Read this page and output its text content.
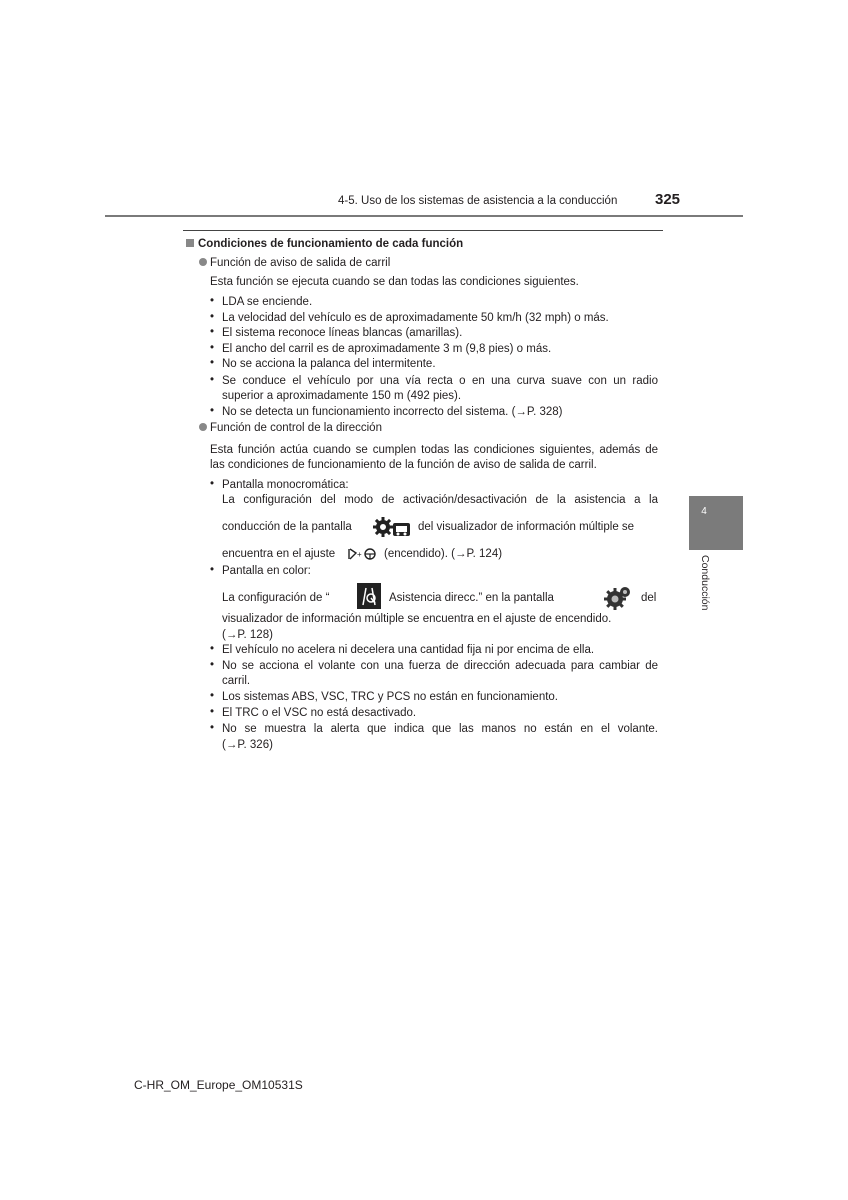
4-5. Uso de los sistemas de asistencia a la conducción	325
4
Conducción
Condiciones de funcionamiento de cada función
Función de aviso de salida de carril
Esta función se ejecuta cuando se dan todas las condiciones siguientes.
• LDA se enciende.
• La velocidad del vehículo es de aproximadamente 50 km/h (32 mph) o más.
• El sistema reconoce líneas blancas (amarillas).
• El ancho del carril es de aproximadamente 3 m (9,8 pies) o más.
• No se acciona la palanca del intermitente.
• Se conduce el vehículo por una vía recta o en una curva suave con un radio
superior a aproximadamente 150 m (492 pies).
• No se detecta un funcionamiento incorrecto del sistema. (→P. 328)
Función de control de la dirección
Esta función actúa cuando se cumplen todas las condiciones siguientes, además de
las condiciones de funcionamiento de la función de aviso de salida de carril.
• Pantalla monocromática:
La configuración del modo de activación/desactivación de la asistencia a la
conducción de la pantalla	del visualizador de información múltiple se
encuentra en el ajuste	+ (encendido). (→P. 124)
• Pantalla en color:
La configuración de “	Asistencia direcc.” en la pantalla	del
visualizador de información múltiple se encuentra en el ajuste de encendido.
(→P. 128)
• El vehículo no acelera ni decelera una cantidad fija ni por encima de ella.
• No se acciona el volante con una fuerza de dirección adecuada para cambiar de
carril.
• Los sistemas ABS, VSC, TRC y PCS no están en funcionamiento.
• El TRC o el VSC no está desactivado.
• No se muestra la alerta que indica que las manos no están en el volante.
(→P. 326)
C-HR_OM_Europe_OM10531S
